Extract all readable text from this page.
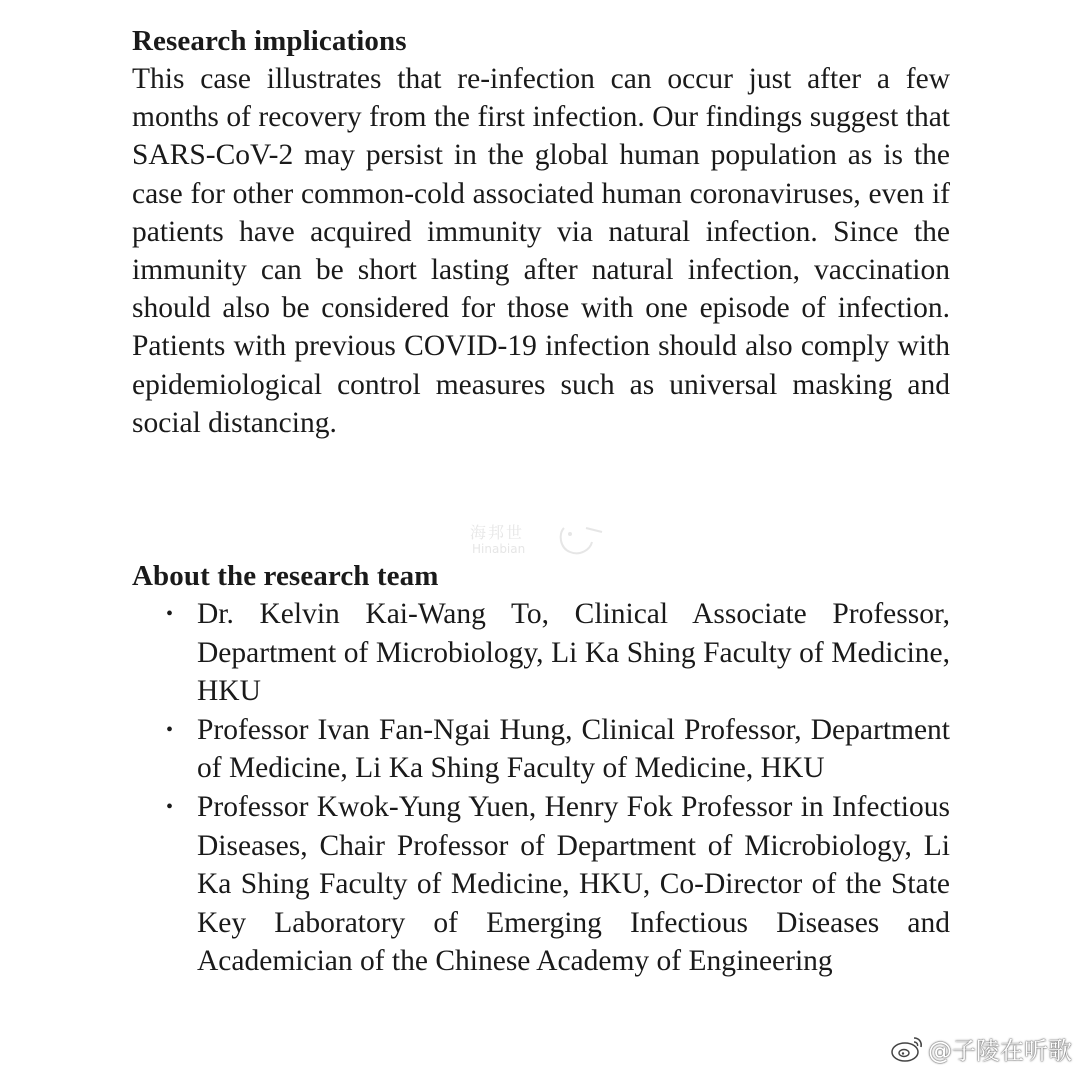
Research implications

This case illustrates that re-infection can occur just after a few months of recovery from the first infection. Our findings suggest that SARS-CoV-2 may persist in the global human population as is the case for other common-cold associated human coronaviruses, even if patients have acquired immunity via natural infection. Since the immunity can be short lasting after natural infection, vaccination should also be considered for those with one episode of infection. Patients with previous COVID-19 infection should also comply with epidemiological control measures such as universal masking and social distancing.

海邦世
Hinabian
About the research team
• Dr. Kelvin Kai-Wang To, Clinical Associate Professor, Department of Microbiology, Li Ka Shing Faculty of Medicine, HKU
• Professor Ivan Fan-Ngai Hung, Clinical Professor, Department of Medicine, Li Ka Shing Faculty of Medicine, HKU
• Professor Kwok-Yung Yuen, Henry Fok Professor in Infectious Diseases, Chair Professor of Department of Microbiology, Li Ka Shing Faculty of Medicine, HKU, Co-Director of the State Key Laboratory of Emerging Infectious Diseases and Academician of the Chinese Academy of Engineering
@子陵在听歌
